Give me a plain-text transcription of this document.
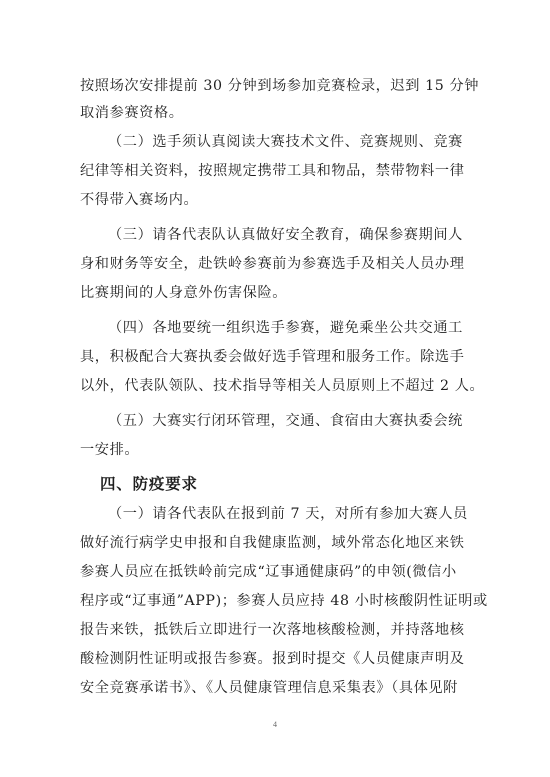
按照场次安排提前 30 分钟到场参加竞赛检录，迟到 15 分钟
取消参赛资格。
（二）选手须认真阅读大赛技术文件、竞赛规则、竞赛
纪律等相关资料，按照规定携带工具和物品，禁带物料一律
不得带入赛场内。
（三）请各代表队认真做好安全教育，确保参赛期间人
身和财务等安全，赴铁岭参赛前为参赛选手及相关人员办理
比赛期间的人身意外伤害保险。
（四）各地要统一组织选手参赛，避免乘坐公共交通工
具，积极配合大赛执委会做好选手管理和服务工作。除选手
以外，代表队领队、技术指导等相关人员原则上不超过 2 人。
（五）大赛实行闭环管理，交通、食宿由大赛执委会统
一安排。
四、防疫要求
（一）请各代表队在报到前 7 天，对所有参加大赛人员
做好流行病学史申报和自我健康监测，域外常态化地区来铁
参赛人员应在抵铁岭前完成“辽事通健康码”的申领(微信小
程序或“辽事通”APP)；参赛人员应持 48 小时核酸阴性证明或
报告来铁，抵铁后立即进行一次落地核酸检测，并持落地核
酸检测阴性证明或报告参赛。报到时提交《人员健康声明及
安全竞赛承诺书》、《人员健康管理信息采集表》（具体见附
4
